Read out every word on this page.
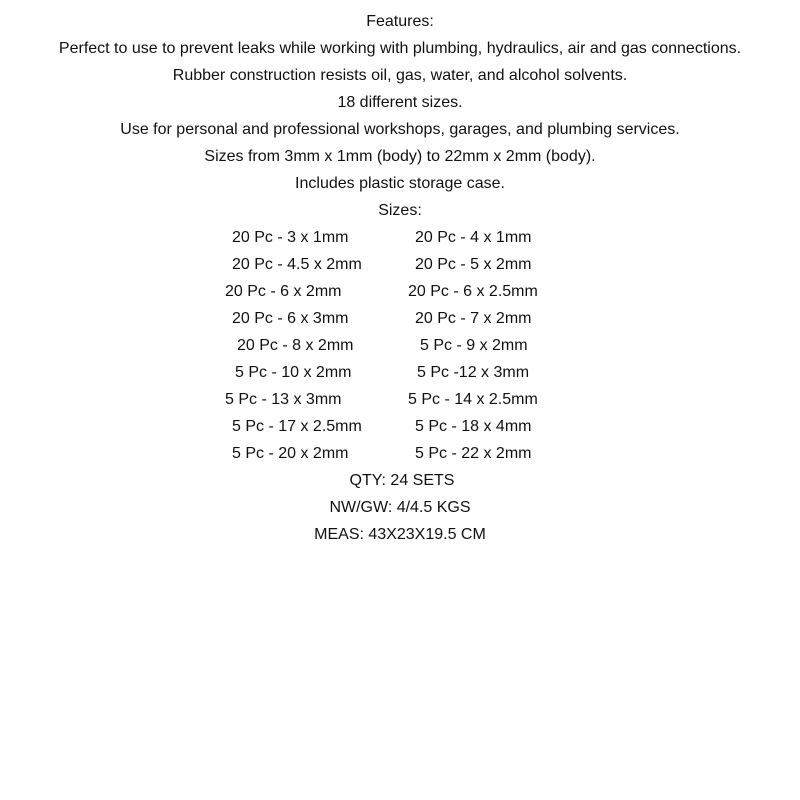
Features:
Perfect to use to prevent leaks while working with plumbing, hydraulics, air and gas connections.
Rubber construction resists oil, gas, water, and alcohol solvents.
18 different sizes.
Use for personal and professional workshops, garages, and plumbing services.
Sizes from 3mm x 1mm (body) to 22mm x 2mm (body).
Includes plastic storage case.
Sizes:
20 Pc - 3 x 1mm	20 Pc - 4 x 1mm
20 Pc - 4.5 x 2mm	20 Pc - 5 x 2mm
20 Pc - 6 x 2mm	20 Pc - 6 x 2.5mm
20 Pc - 6 x 3mm	20 Pc - 7 x 2mm
20 Pc - 8 x 2mm	5 Pc - 9 x 2mm
5 Pc - 10 x 2mm	5 Pc -12 x 3mm
5 Pc - 13 x 3mm	5 Pc - 14 x 2.5mm
5 Pc - 17 x 2.5mm	5 Pc - 18 x 4mm
5 Pc - 20 x 2mm	5 Pc - 22 x 2mm
QTY: 24 SETS
NW/GW: 4/4.5 KGS
MEAS: 43X23X19.5 CM
